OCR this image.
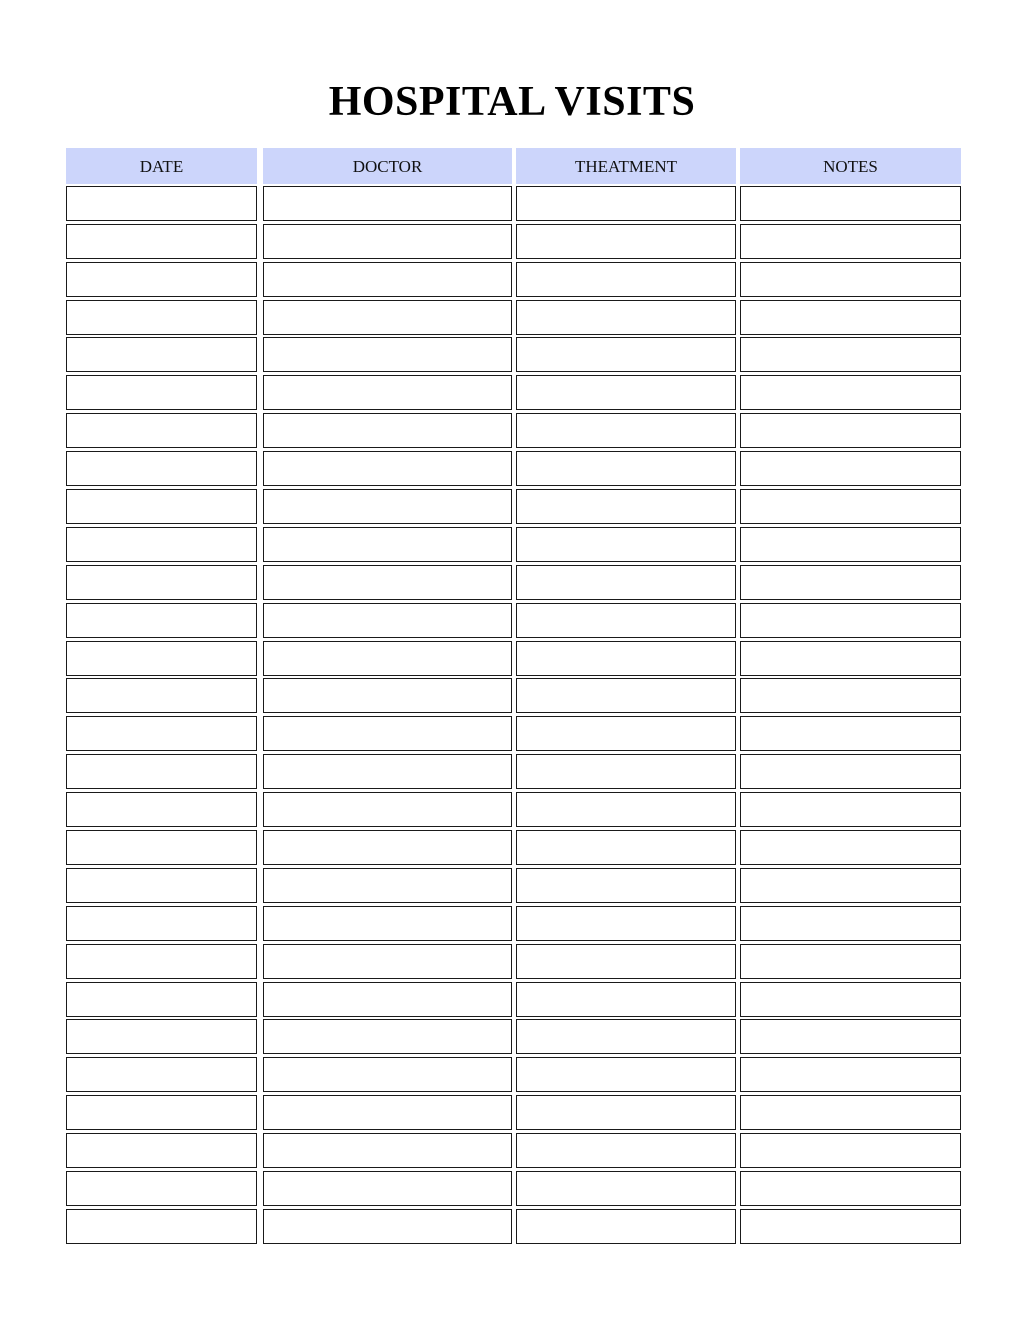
HOSPITAL VISITS
DATE	DOCTOR	THEATMENT	NOTES
